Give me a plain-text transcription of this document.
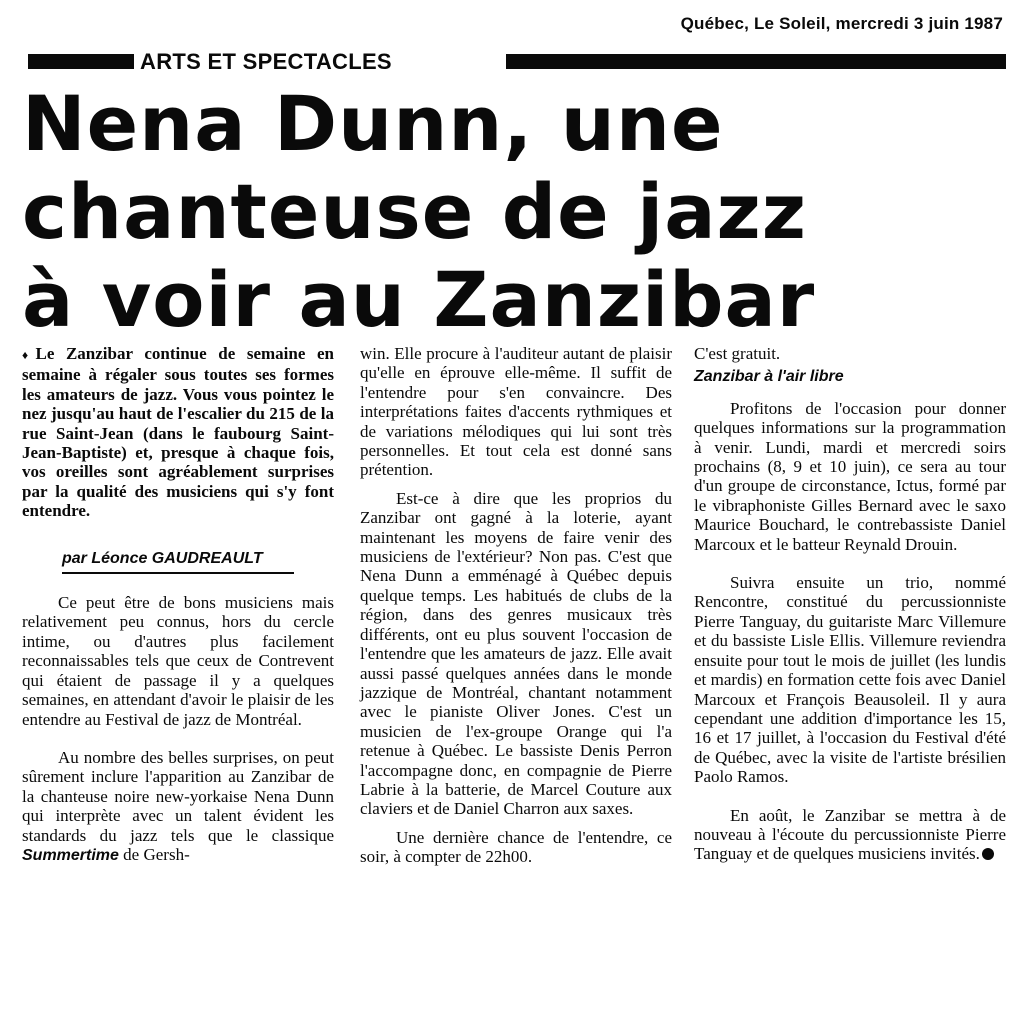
Québec, Le Soleil, mercredi 3 juin 1987
ARTS ET SPECTACLES
Nena Dunn, une
chanteuse de jazz
à voir au Zanzibar

♦Le Zanzibar continue de semaine en semaine à régaler sous toutes ses formes les amateurs de jazz. Vous vous pointez le nez jusqu'au haut de l'escalier du 215 de la rue Saint-Jean (dans le faubourg Saint-Jean-Baptiste) et, presque à chaque fois, vos oreilles sont agréablement surprises par la qualité des musiciens qui s'y font entendre.

par Léonce GAUDREAULT

Ce peut être de bons musiciens mais relativement peu connus, hors du cercle intime, ou d'autres plus facilement reconnaissables tels que ceux de Contrevent qui étaient de passage il y a quelques semaines, en attendant d'avoir le plaisir de les entendre au Festival de jazz de Montréal.

Au nombre des belles surprises, on peut sûrement inclure l'apparition au Zanzibar de la chanteuse noire new-yorkaise Nena Dunn qui interprète avec un talent évident les standards du jazz tels que le classique Summertime de Gersh-

win. Elle procure à l'auditeur autant de plaisir qu'elle en éprouve elle-même. Il suffit de l'entendre pour s'en convaincre. Des interprétations faites d'accents rythmiques et de variations mélodiques qui lui sont très personnelles. Et tout cela est donné sans prétention.

Est-ce à dire que les proprios du Zanzibar ont gagné à la loterie, ayant maintenant les moyens de faire venir des musiciens de l'extérieur? Non pas. C'est que Nena Dunn a emménagé à Québec depuis quelque temps. Les habitués de clubs de la région, dans des genres musicaux très différents, ont eu plus souvent l'occasion de l'entendre que les amateurs de jazz. Elle avait aussi passé quelques années dans le monde jazzique de Montréal, chantant notamment avec le pianiste Oliver Jones. C'est un musicien de l'ex-groupe Orange qui l'a retenue à Québec. Le bassiste Denis Perron l'accompagne donc, en compagnie de Pierre Labrie à la batterie, de Marcel Couture aux claviers et de Daniel Charron aux saxes.

Une dernière chance de l'entendre, ce soir, à compter de 22h00.

C'est gratuit.

Zanzibar à l'air libre

Profitons de l'occasion pour donner quelques informations sur la programmation à venir. Lundi, mardi et mercredi soirs prochains (8, 9 et 10 juin), ce sera au tour d'un groupe de circonstance, Ictus, formé par le vibraphoniste Gilles Bernard avec le saxo Maurice Bouchard, le contrebassiste Daniel Marcoux et le batteur Reynald Drouin.

Suivra ensuite un trio, nommé Rencontre, constitué du percussionniste Pierre Tanguay, du guitariste Marc Villemure et du bassiste Lisle Ellis. Villemure reviendra ensuite pour tout le mois de juillet (les lundis et mardis) en formation cette fois avec Daniel Marcoux et François Beausoleil. Il y aura cependant une addition d'importance les 15, 16 et 17 juillet, à l'occasion du Festival d'été de Québec, avec la visite de l'artiste brésilien Paolo Ramos.

En août, le Zanzibar se mettra à de nouveau à l'écoute du percussionniste Pierre Tanguay et de quelques musiciens invités.
